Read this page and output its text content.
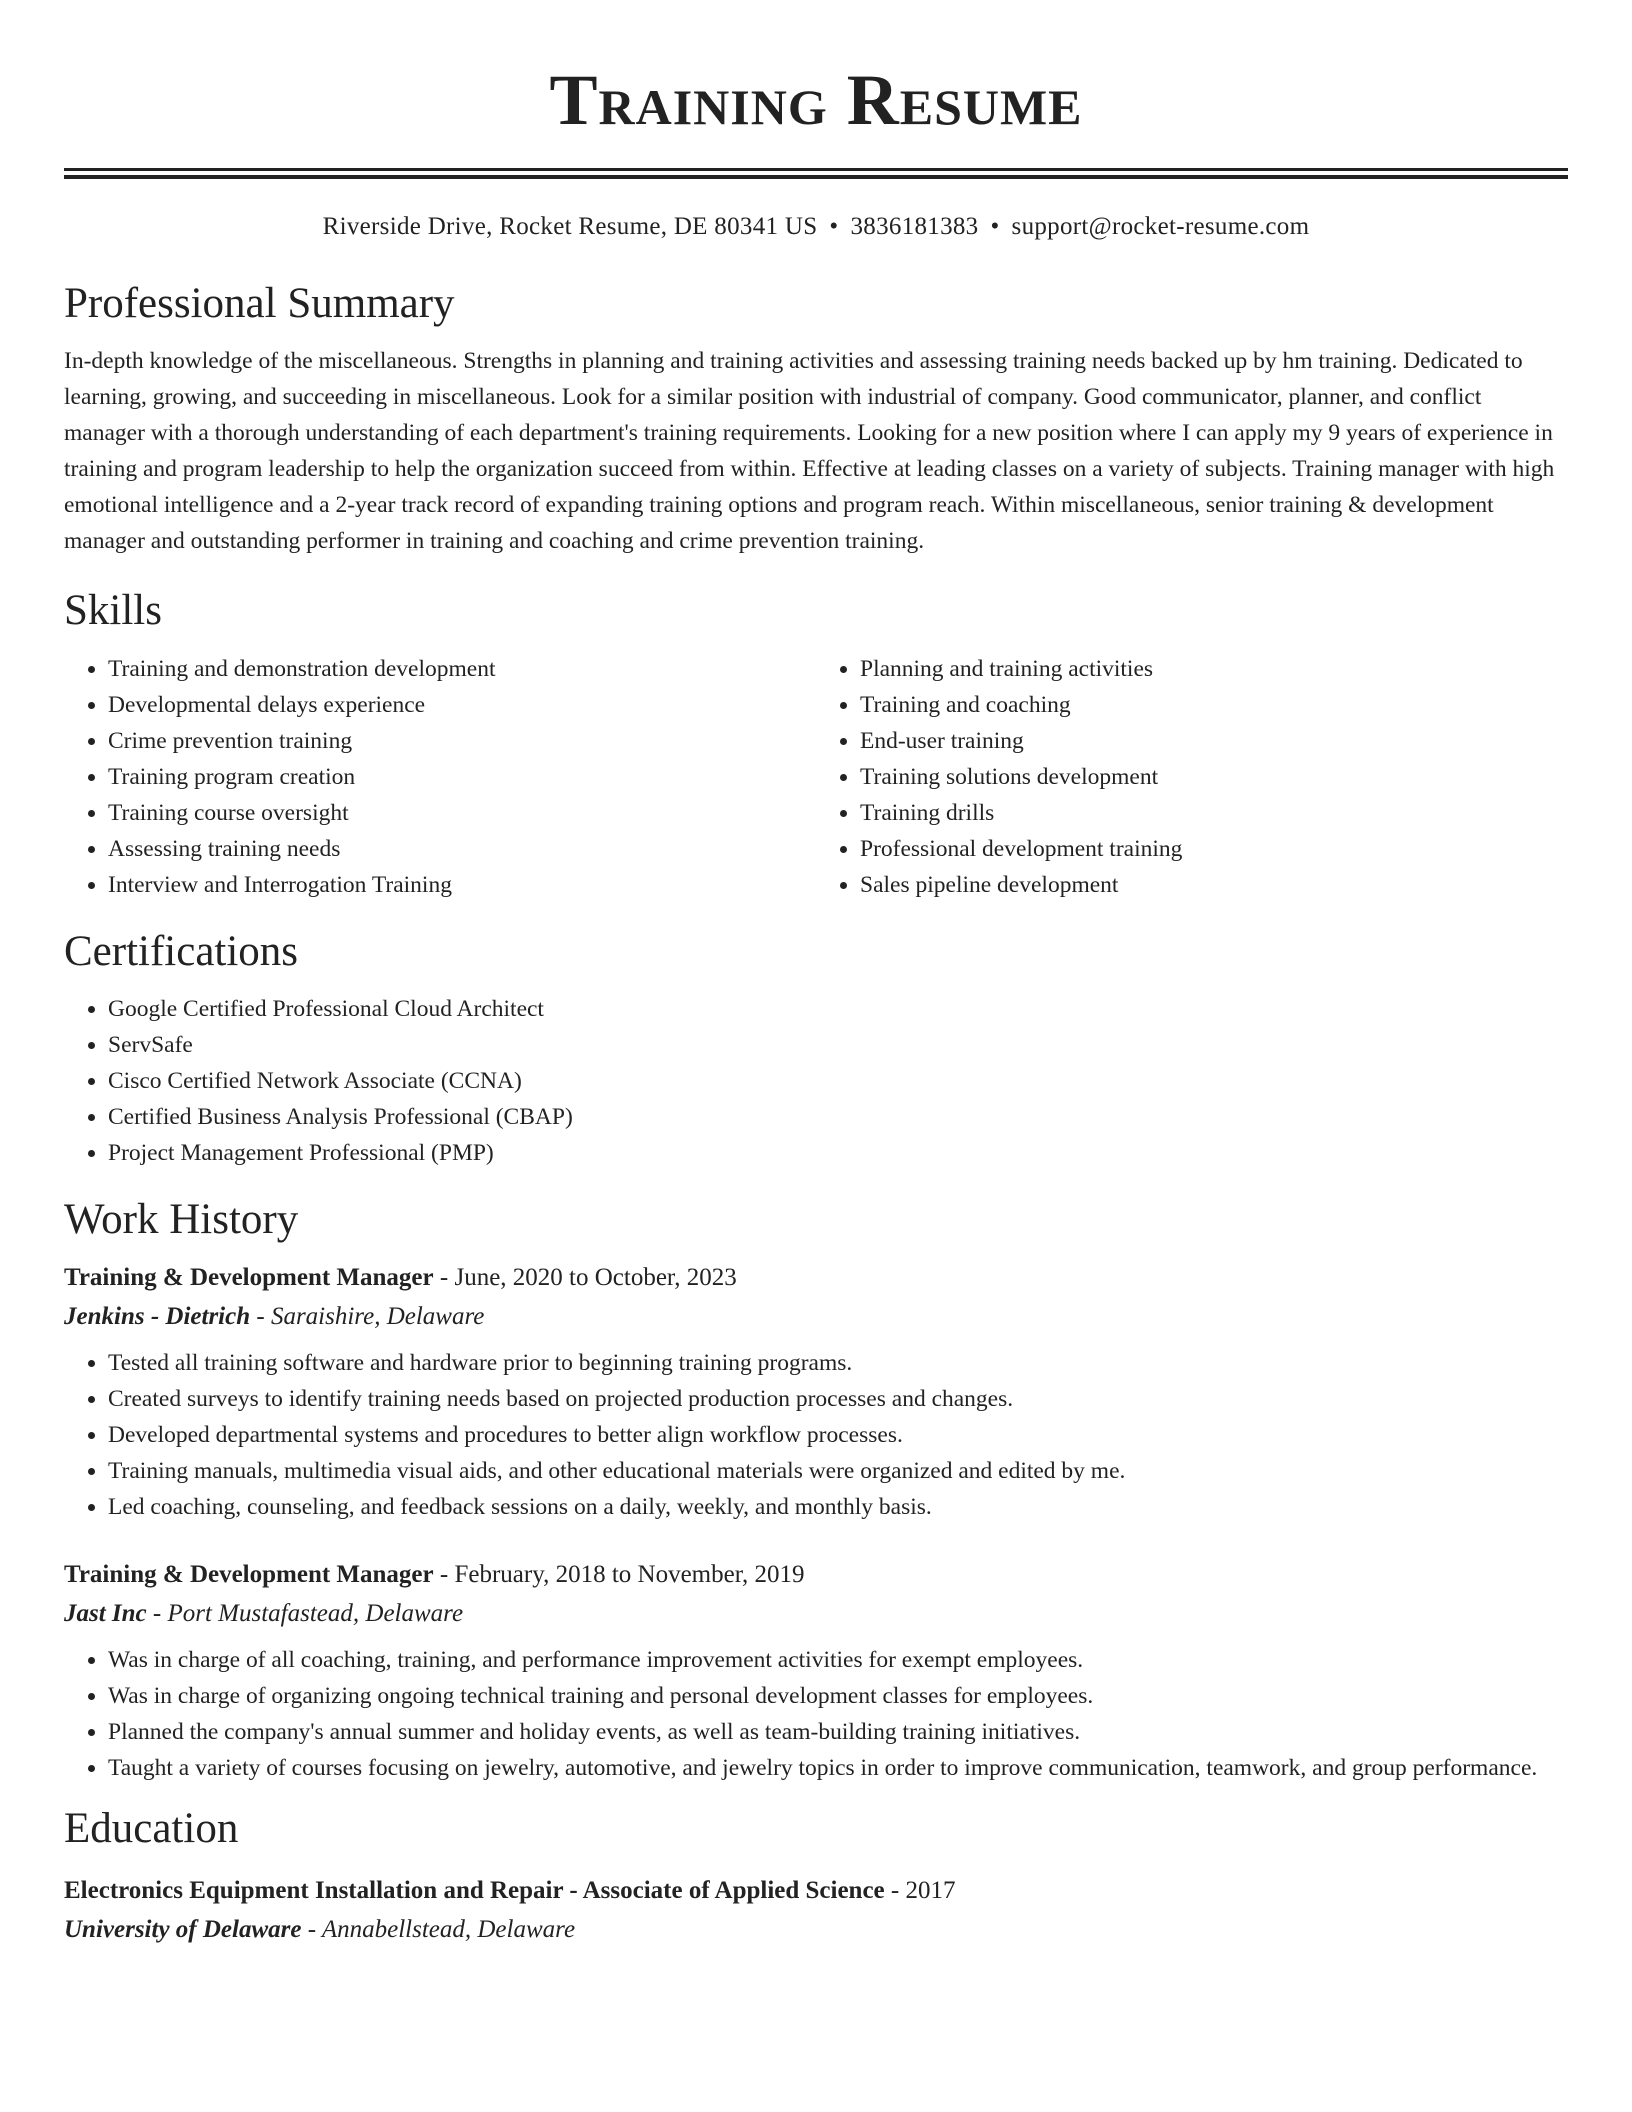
Training Resume
Riverside Drive, Rocket Resume, DE 80341 US • 3836181383 • support@rocket-resume.com
Professional Summary

In-depth knowledge of the miscellaneous. Strengths in planning and training activities and assessing training needs backed up by hm training. Dedicated to learning, growing, and succeeding in miscellaneous. Look for a similar position with industrial of company. Good communicator, planner, and conflict manager with a thorough understanding of each department's training requirements. Looking for a new position where I can apply my 9 years of experience in training and program leadership to help the organization succeed from within. Effective at leading classes on a variety of subjects. Training manager with high emotional intelligence and a 2-year track record of expanding training options and program reach. Within miscellaneous, senior training & development manager and outstanding performer in training and coaching and crime prevention training.

Skills
• Training and demonstration development
• Developmental delays experience
• Crime prevention training
• Training program creation
• Training course oversight
• Assessing training needs
• Interview and Interrogation Training
• Planning and training activities
• Training and coaching
• End-user training
• Training solutions development
• Training drills
• Professional development training
• Sales pipeline development
Certifications
• Google Certified Professional Cloud Architect
• ServSafe
• Cisco Certified Network Associate (CCNA)
• Certified Business Analysis Professional (CBAP)
• Project Management Professional (PMP)
Work History
Training & Development Manager - June, 2020 to October, 2023
Jenkins - Dietrich - Saraishire, Delaware
• Tested all training software and hardware prior to beginning training programs.
• Created surveys to identify training needs based on projected production processes and changes.
• Developed departmental systems and procedures to better align workflow processes.
• Training manuals, multimedia visual aids, and other educational materials were organized and edited by me.
• Led coaching, counseling, and feedback sessions on a daily, weekly, and monthly basis.
Training & Development Manager - February, 2018 to November, 2019
Jast Inc - Port Mustafastead, Delaware
• Was in charge of all coaching, training, and performance improvement activities for exempt employees.
• Was in charge of organizing ongoing technical training and personal development classes for employees.
• Planned the company's annual summer and holiday events, as well as team-building training initiatives.
• Taught a variety of courses focusing on jewelry, automotive, and jewelry topics in order to improve communication, teamwork, and group performance.
Education
Electronics Equipment Installation and Repair - Associate of Applied Science - 2017
University of Delaware - Annabellstead, Delaware
